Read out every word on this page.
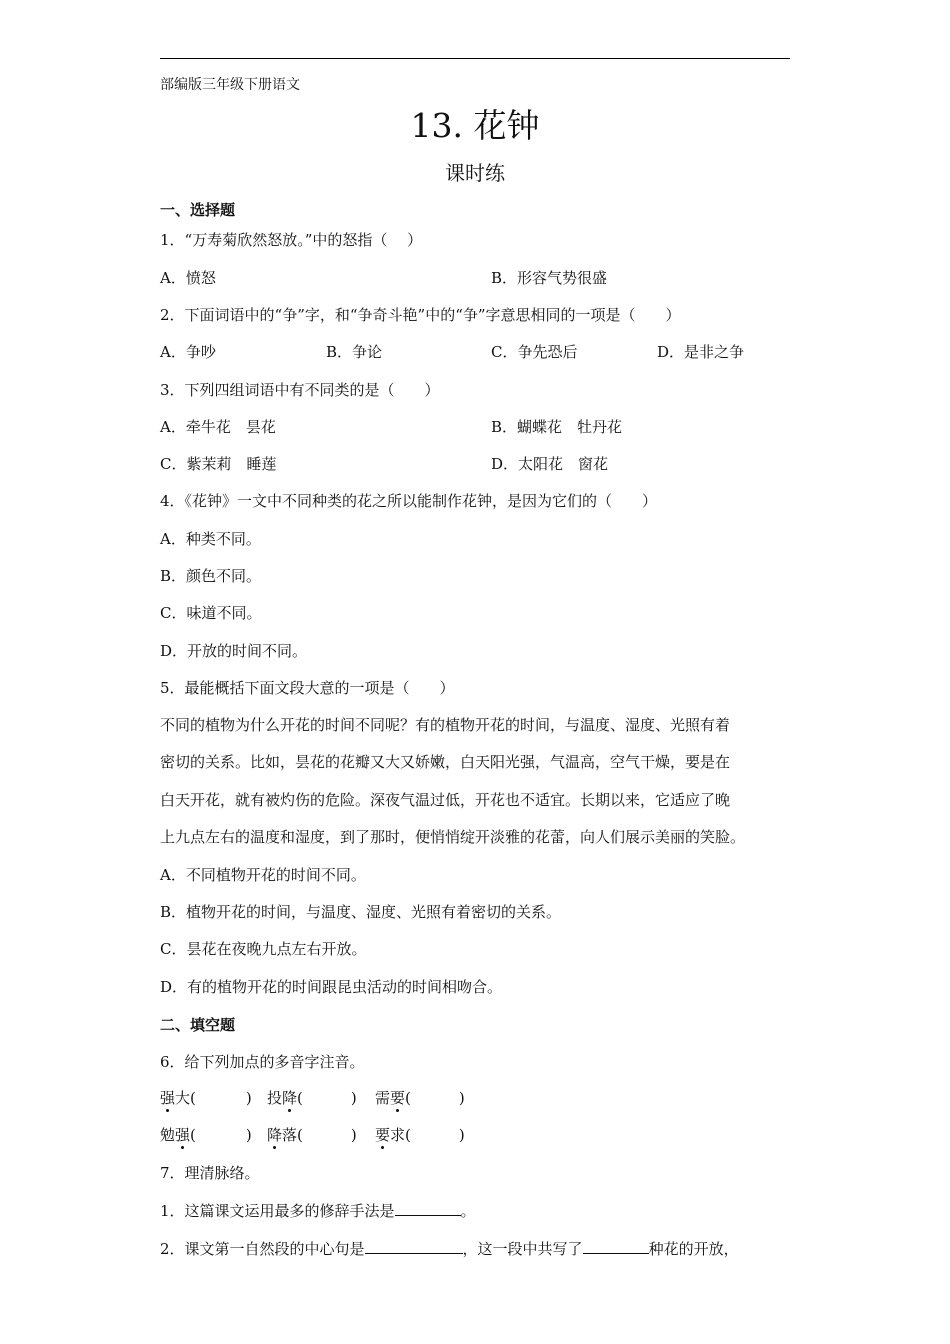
部编版三年级下册语文
13. 花钟
课时练
一、选择题
1．“万寿菊欣然怒放。”中的怒指（　 ）
A．愤怒	B．形容气势很盛
2．下面词语中的“争”字，和“争奇斗艳”中的“争”字意思相同的一项是（　　）
A．争吵	B．争论	C．争先恐后	D．是非之争
3．下列四组词语中有不同类的是（　　）
A．牵牛花　昙花	B．蝴蝶花　牡丹花
C．紫茉莉　睡莲	D．太阳花　窗花
4．《花钟》一文中不同种类的花之所以能制作花钟，是因为它们的（　　）
A．种类不同。
B．颜色不同。
C．味道不同。
D．开放的时间不同。
5．最能概括下面文段大意的一项是（　　）
不同的植物为什么开花的时间不同呢？有的植物开花的时间，与温度、湿度、光照有着
密切的关系。比如，昙花的花瓣又大又娇嫩，白天阳光强，气温高，空气干燥，要是在
白天开花，就有被灼伤的危险。深夜气温过低，开花也不适宜。长期以来，它适应了晚
上九点左右的温度和湿度，到了那时，便悄悄绽开淡雅的花蕾，向人们展示美丽的笑脸。
A．不同植物开花的时间不同。
B．植物开花的时间，与温度、湿度、光照有着密切的关系。
C．昙花在夜晚九点左右开放。
D．有的植物开花的时间跟昆虫活动的时间相吻合。
二、填空题
6．给下列加点的多音字注音。
强大(	) 投降(	) 需要(	)
勉强(	) 降落(	) 要求(	)
7．理清脉络。
1．这篇课文运用最多的修辞手法是	。
2．课文第一自然段的中心句是	，这一段中共写了	种花的开放，
